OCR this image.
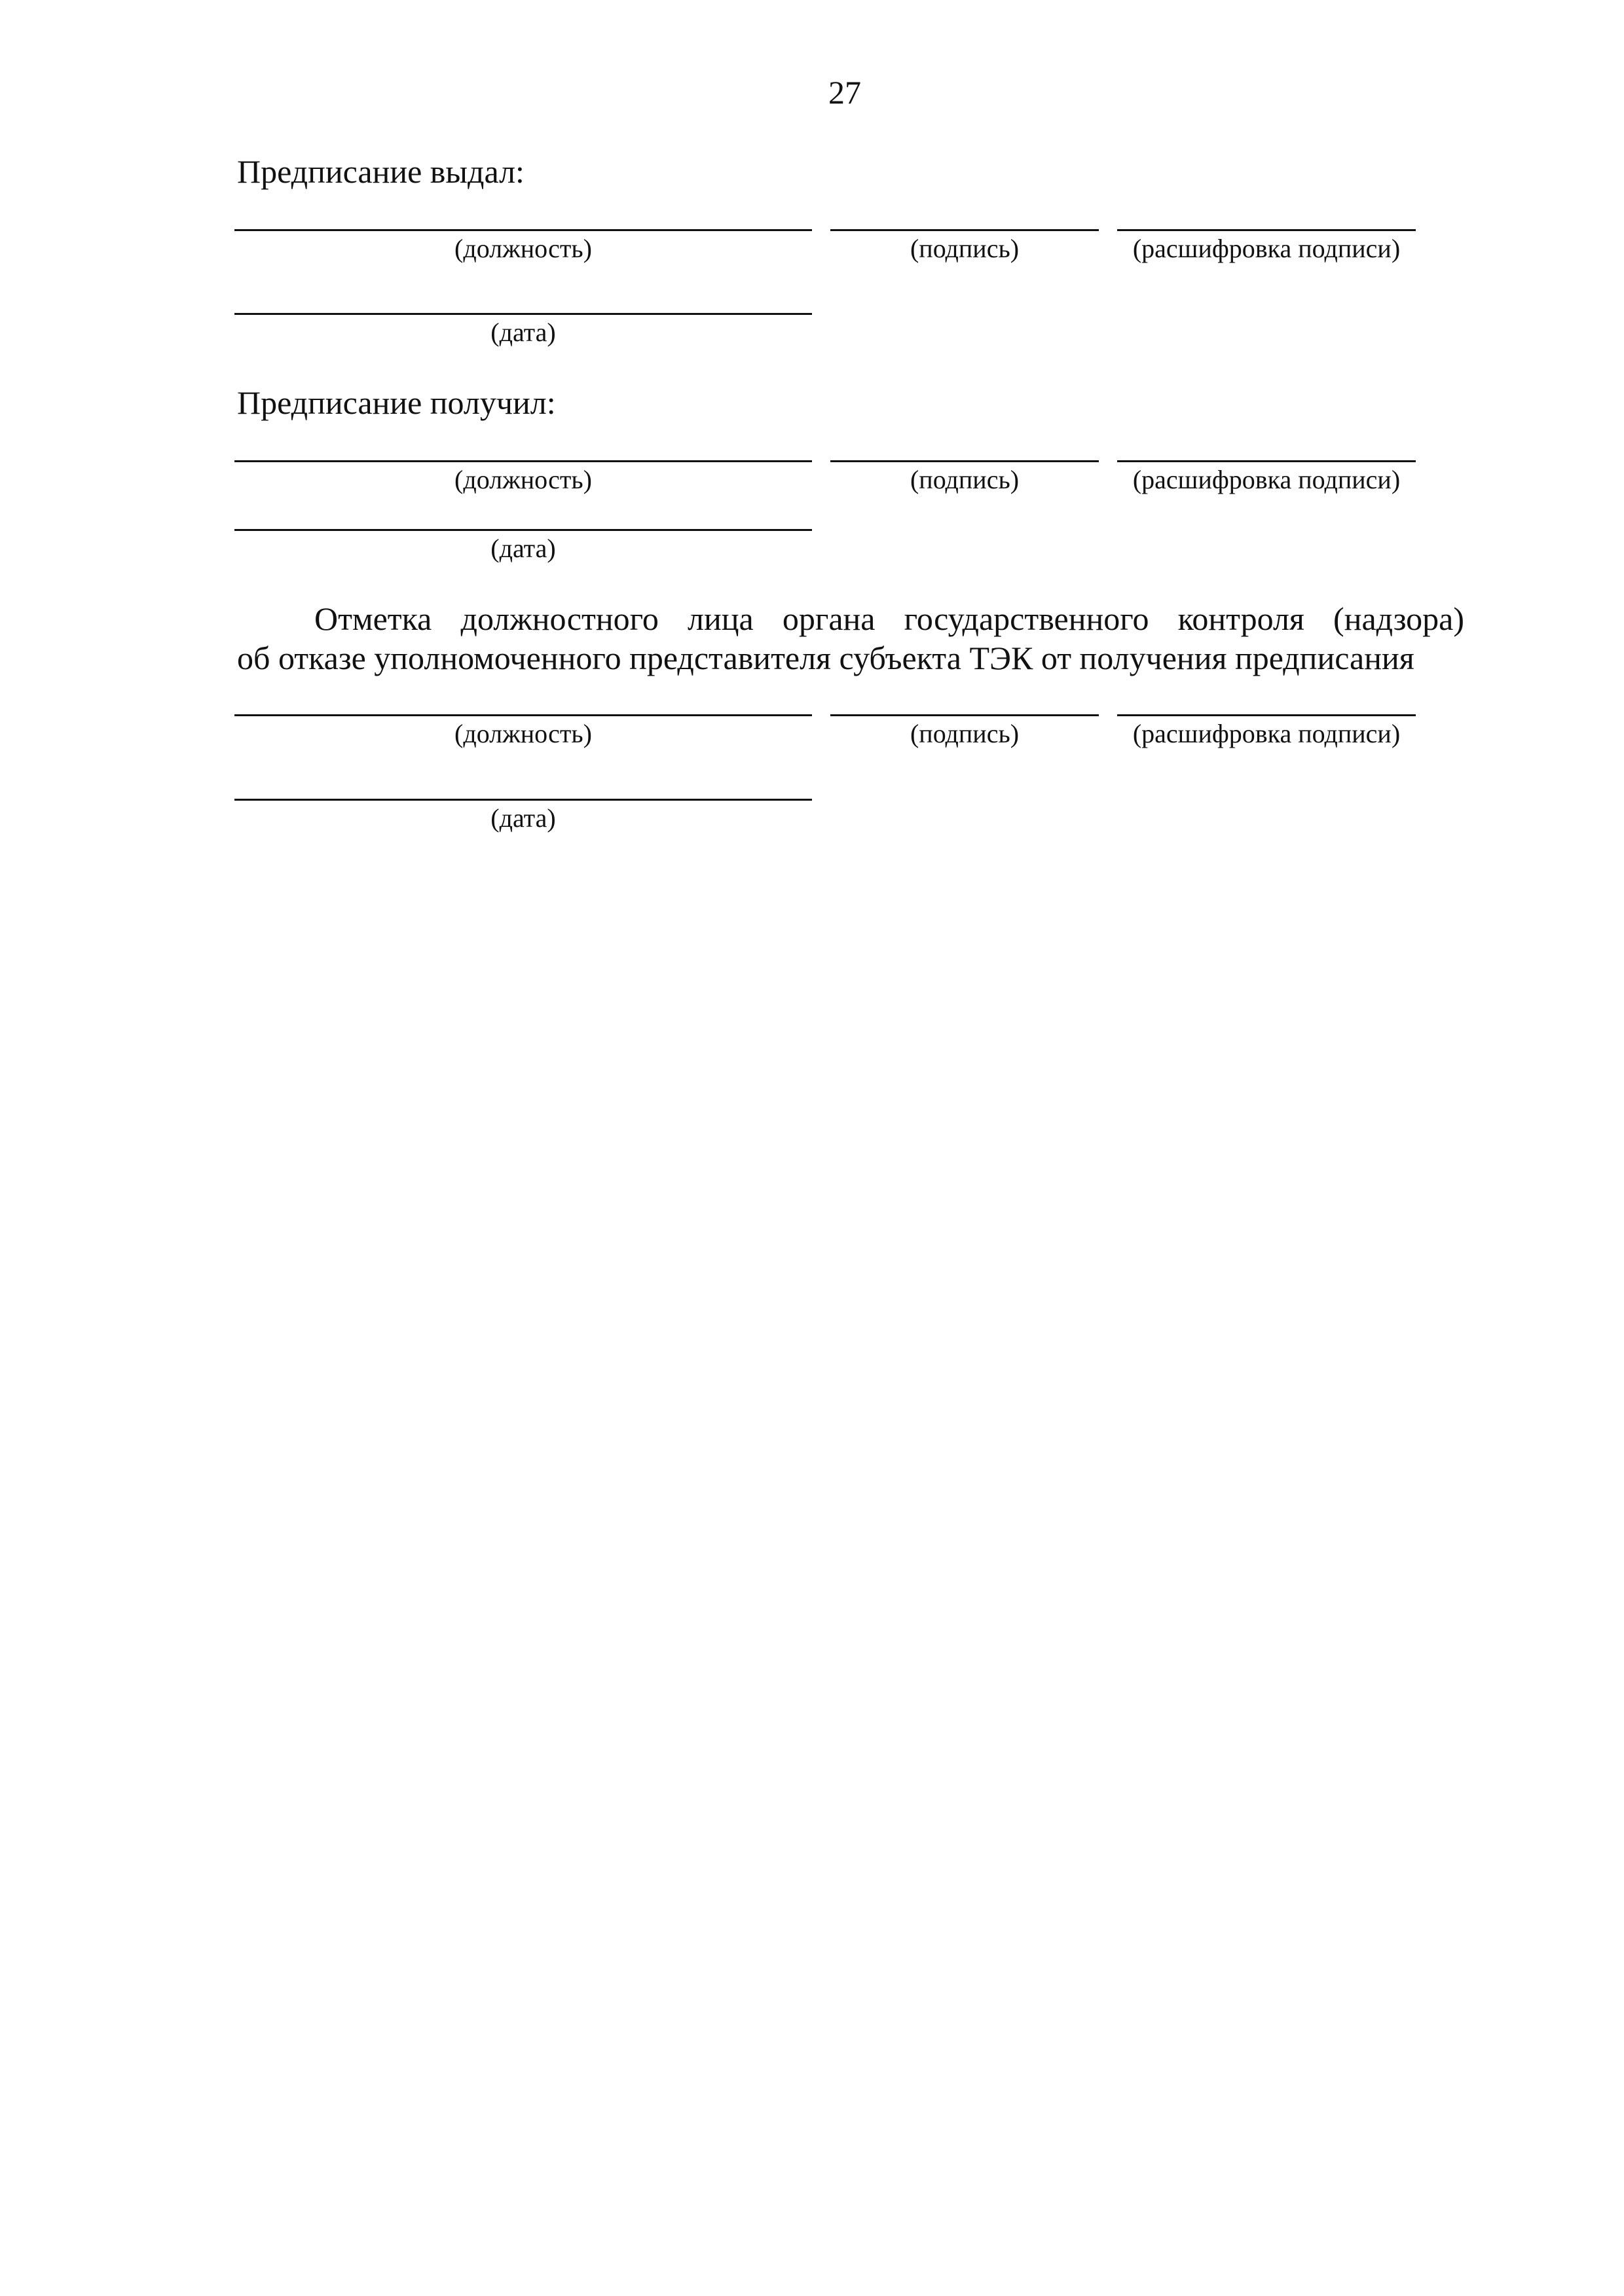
27
Предписание выдал:
(должность)	(подпись)	(расшифровка подписи)
(дата)
Предписание получил:
(должность)	(подпись)	(расшифровка подписи)
(дата)
Отметка должностного лица органа государственного контроля (надзора)
об отказе уполномоченного представителя субъекта ТЭК от получения предписания
(должность)	(подпись)	(расшифровка подписи)
(дата)
